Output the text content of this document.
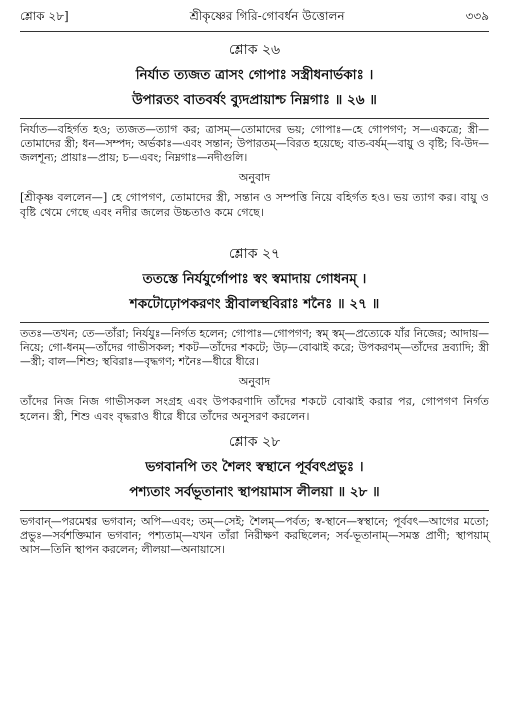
শ্লোক ২৮]	শ্রীকৃষ্ণের গিরি-গোবর্ধন উত্তোলন	৩৩৯
শ্লোক ২৬
নির্যাত ত্যজত ত্রাসং গোপাঃ সস্ত্রীধনার্ভকাঃ ।
উপারতং বাতবর্ষং ব্যুদপ্রায়াশ্চ নিম্নগাঃ ॥ ২৬ ॥
নির্যাত—বহির্গত হও; ত্যজত—ত্যাগ কর; ত্রাসম্—তোমাদের ভয়; গোপাঃ—হে গোপগণ; স—একত্রে; স্ত্রী—তোমাদের স্ত্রী; ধন—সম্পদ; অর্ভকাঃ—এবং সন্তান; উপারতম্—বিরত হয়েছে; বাত-বর্ষম্—বায়ু ও বৃষ্টি; বি-উদ—জলশূন্য; প্রায়াঃ—প্রায়; চ—এবং; নিম্নগাঃ—নদীগুলি।
অনুবাদ
[শ্রীকৃষ্ণ বললেন—] হে গোপগণ, তোমাদের স্ত্রী, সন্তান ও সম্পত্তি নিয়ে বহির্গত হও। ভয় ত্যাগ কর। বায়ু ও বৃষ্টি থেমে গেছে এবং নদীর জলের উচ্চতাও কমে গেছে।
শ্লোক ২৭
ততস্তে নির্যযুর্গোপাঃ স্বং স্বমাদায় গোধনম্ ।
শকটোঢ়োপকরণং স্ত্রীবালস্থবিরাঃ শনৈঃ ॥ ২৭ ॥
ততঃ—তখন; তে—তাঁরা; নির্যযুঃ—নির্গত হলেন; গোপাঃ—গোপগণ; স্বম্ স্বম্—প্রত্যেকে যাঁর নিজের; আদায়—নিয়ে; গো-ধনম্—তাঁদের গাভীসকল; শকট—তাঁদের শকটে; উঢ়—বোঝাই করে; উপকরণম্—তাঁদের দ্রব্যাদি; স্ত্রী—স্ত্রী; বাল—শিশু; স্থবিরাঃ—বৃদ্ধগণ; শনৈঃ—ধীরে ধীরে।
অনুবাদ
তাঁদের নিজ নিজ গাভীসকল সংগ্রহ এবং উপকরণাদি তাঁদের শকটে বোঝাই করার পর, গোপগণ নির্গত হলেন। স্ত্রী, শিশু এবং বৃদ্ধরাও ধীরে ধীরে তাঁদের অনুসরণ করলেন।
শ্লোক ২৮
ভগবানপি তং শৈলং স্বস্থানে পূর্ববৎপ্রভুঃ ।
পশ্যতাং সর্বভূতানাং স্থাপয়ামাস লীলয়া ॥ ২৮ ॥
ভগবান্—পরমেশ্বর ভগবান; অপি—এবং; তম্—সেই; শৈলম্—পর্বত; স্ব-স্থানে—স্বস্থানে; পূর্ববৎ—আগের মতো; প্রভুঃ—সর্বশক্তিমান ভগবান; পশ্যতাম্—যখন তাঁরা নিরীক্ষণ করছিলেন; সর্ব-ভূতানাম্—সমস্ত প্রাণী; স্থাপয়াম্ আস—তিনি স্থাপন করলেন; লীলয়া—অনায়াসে।
